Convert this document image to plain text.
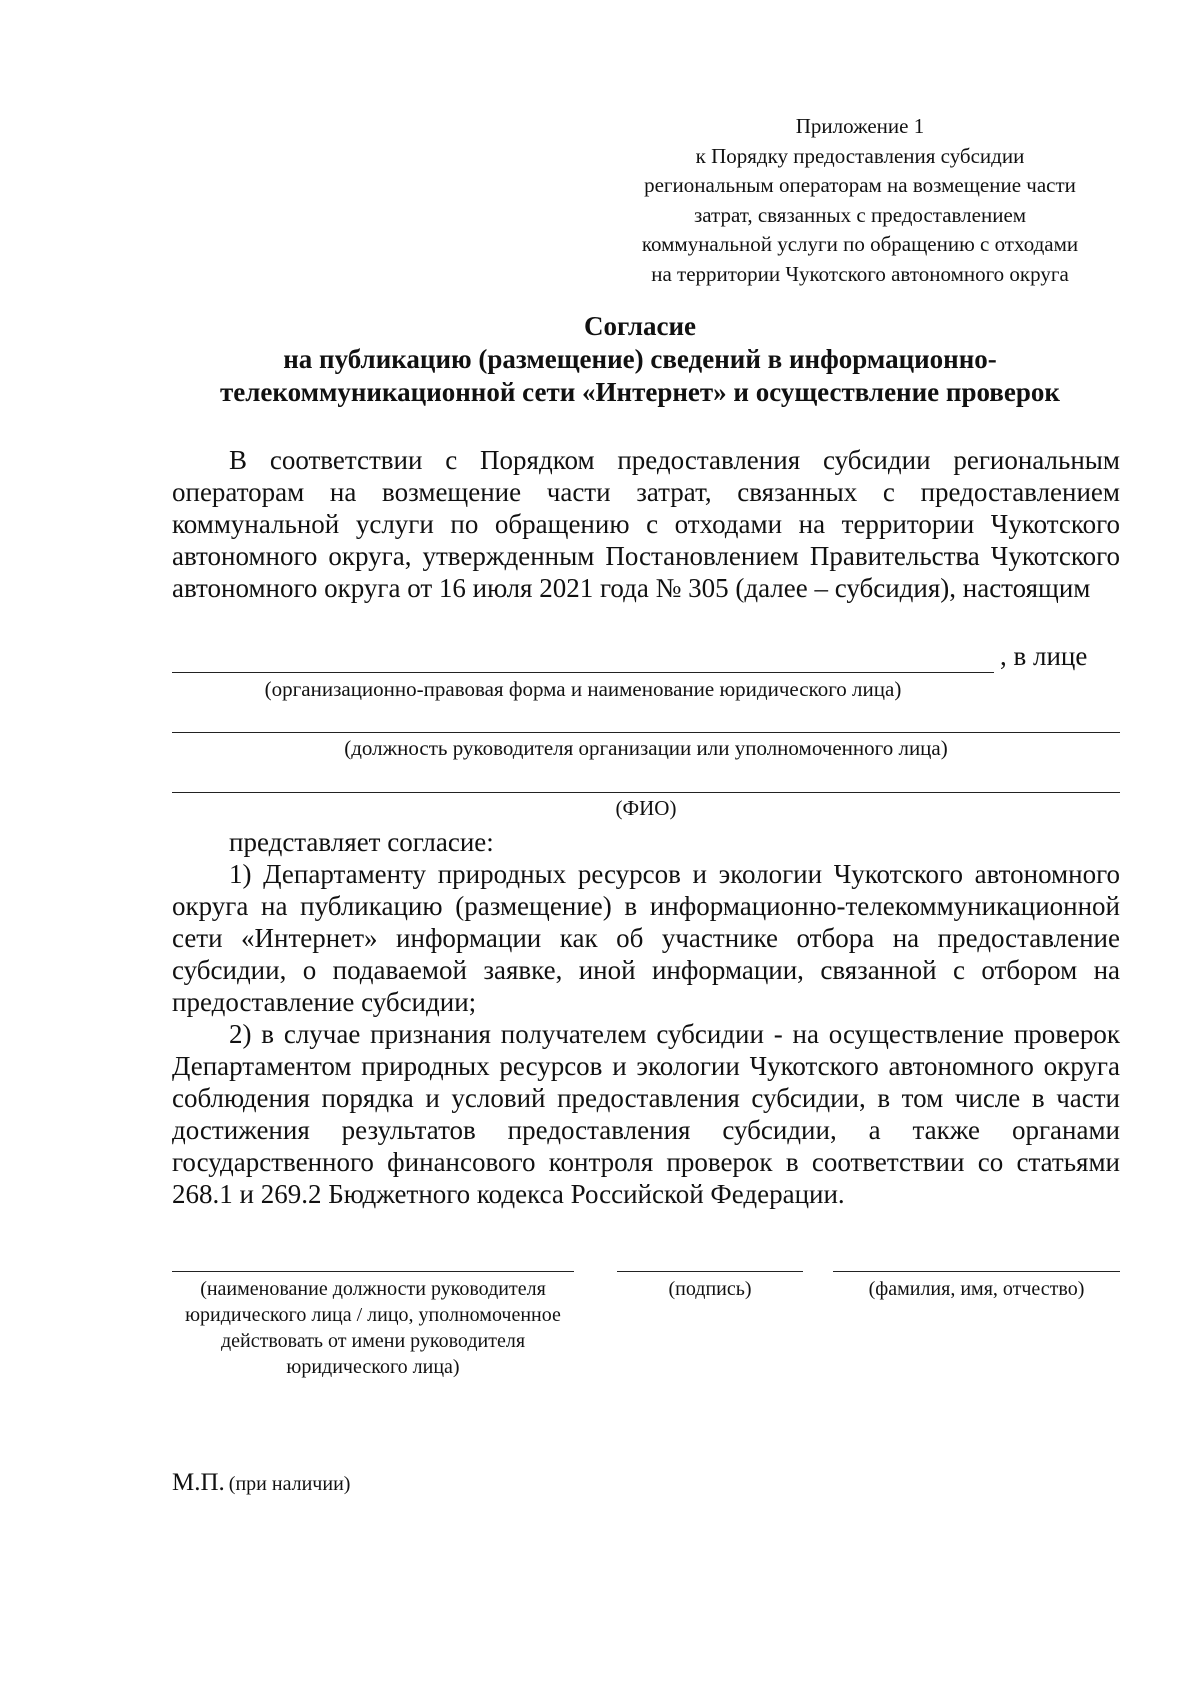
Приложение 1
к Порядку предоставления субсидии
региональным операторам на возмещение части
затрат, связанных с предоставлением
коммунальной услуги по обращению с отходами
на территории Чукотского автономного округа
Согласие
на публикацию (размещение) сведений в информационно-
телекоммуникационной сети «Интернет» и осуществление проверок
В соответствии с Порядком предоставления субсидии региональным операторам на возмещение части затрат, связанных с предоставлением коммунальной услуги по обращению с отходами на территории Чукотского автономного округа, утвержденным Постановлением Правительства Чукотского автономного округа от 16 июля 2021 года № 305 (далее – субсидия), настоящим
, в лице
(организационно-правовая форма и наименование юридического лица)
(должность руководителя организации или уполномоченного лица)
(ФИО)
представляет согласие:
1) Департаменту природных ресурсов и экологии Чукотского автономного округа на публикацию (размещение) в информационно-телекоммуникационной сети «Интернет» информации как об участнике отбора на предоставление субсидии, о подаваемой заявке, иной информации, связанной с отбором на предоставление субсидии;
2) в случае признания получателем субсидии - на осуществление проверок Департаментом природных ресурсов и экологии Чукотского автономного округа соблюдения порядка и условий предоставления субсидии, в том числе в части достижения результатов предоставления субсидии, а также органами государственного финансового контроля проверок в соответствии со статьями 268.1 и 269.2 Бюджетного кодекса Российской Федерации.
(наименование должности руководителя юридического лица / лицо, уполномоченное действовать от имени руководителя юридического лица)
(подпись)	(фамилия, имя, отчество)
М.П. (при наличии)
